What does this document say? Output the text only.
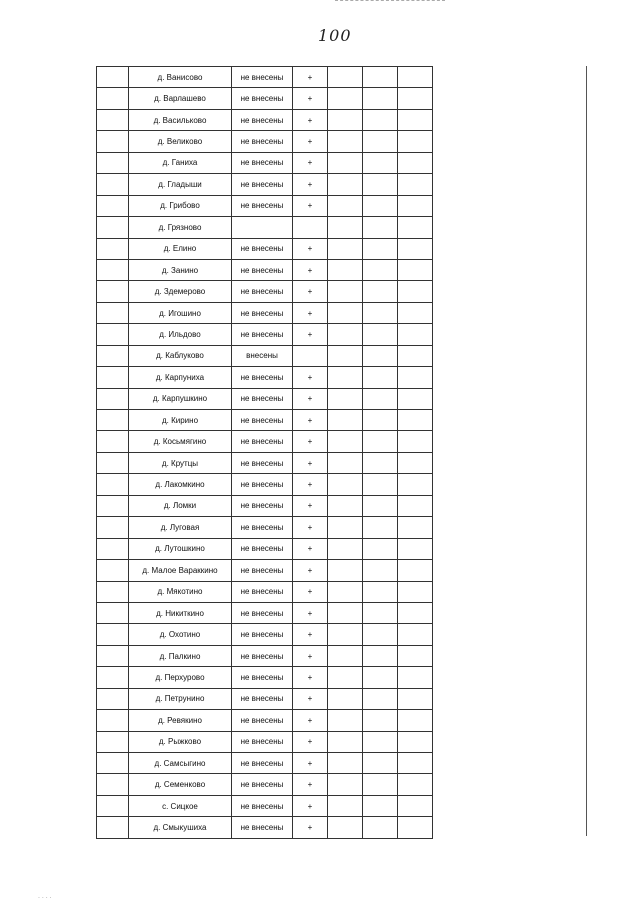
100
	д. Ванисово	не внесены	+			
	д. Варлашево	не внесены	+			
	д. Васильково	не внесены	+			
	д. Великово	не внесены	+			
	д. Ганиха	не внесены	+			
	д. Гладыши	не внесены	+			
	д. Грибово	не внесены	+			
	д. Грязново					
	д. Елино	не внесены	+			
	д. Занино	не внесены	+			
	д. Здемерово	не внесены	+			
	д. Игошино	не внесены	+			
	д. Ильдово	не внесены	+			
	д. Каблуково	внесены				
	д. Карпуниха	не внесены	+			
	д. Карпушкино	не внесены	+			
	д. Кирино	не внесены	+			
	д. Косьмягино	не внесены	+			
	д. Крутцы	не внесены	+			
	д. Лакомкино	не внесены	+			
	д. Ломки	не внесены	+			
	д. Луговая	не внесены	+			
	д. Лутошкино	не внесены	+			
	д. Малое Вараккино	не внесены	+			
	д. Мякотино	не внесены	+			
	д. Никиткино	не внесены	+			
	д. Охотино	не внесены	+			
	д. Палкино	не внесены	+			
	д. Перхурово	не внесены	+			
	д. Петрунино	не внесены	+			
	д. Ревякино	не внесены	+			
	д. Рыжково	не внесены	+			
	д. Самсыгино	не внесены	+			
	д. Семенково	не внесены	+			
	с. Сицкое	не внесены	+			
	д. Смыкушиха	не внесены	+			
. . . .
